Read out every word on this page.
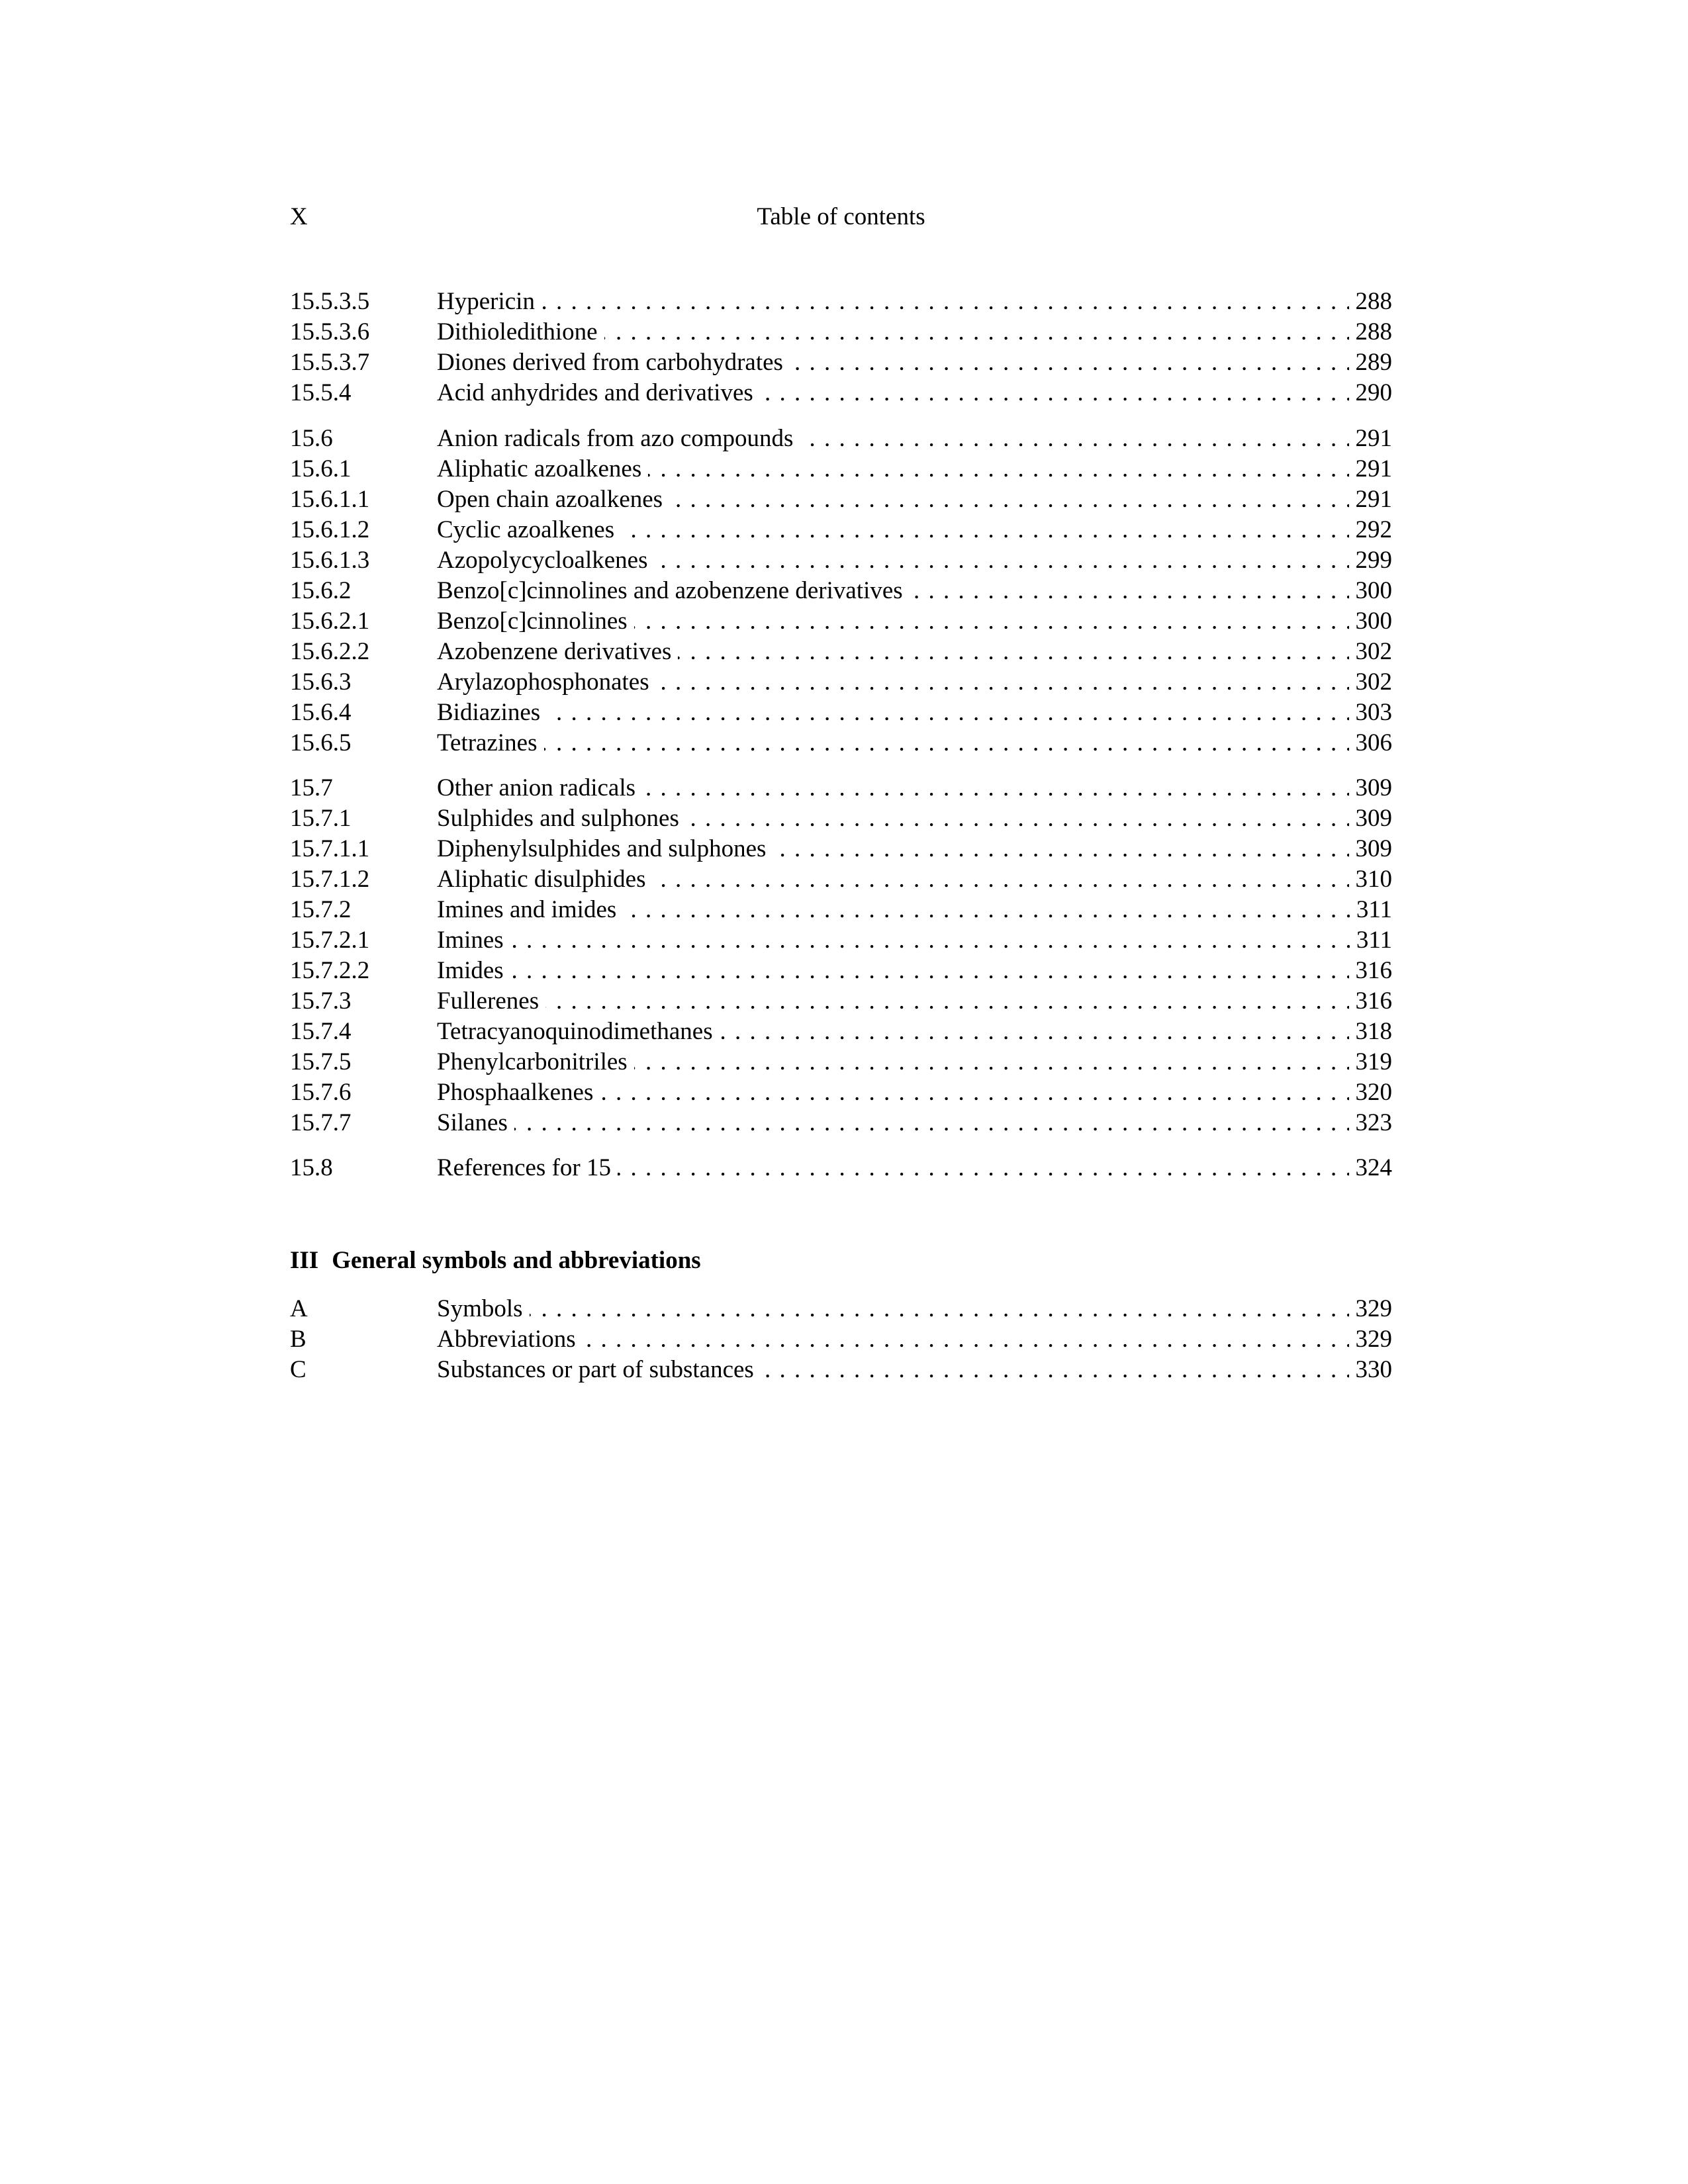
X	Table of contents
15.5.3.5	Hypericin . . .	288
15.5.3.6	Dithioledithione . . .	288
15.5.3.7	Diones derived from carbohydrates . . .	289
15.5.4	Acid anhydrides and derivatives . . .	290
15.6	Anion radicals from azo compounds . . .	291
15.6.1	Aliphatic azoalkenes . . .	291
15.6.1.1	Open chain azoalkenes . . .	291
15.6.1.2	Cyclic azoalkenes . . .	292
15.6.1.3	Azopolycycloalkenes . . .	299
15.6.2	Benzo[c]cinnolines and azobenzene derivatives . . .	300
15.6.2.1	Benzo[c]cinnolines . . .	300
15.6.2.2	Azobenzene derivatives . . .	302
15.6.3	Arylazophosphonates . . .	302
15.6.4	Bidiazines . . .	303
15.6.5	Tetrazines . . .	306
15.7	Other anion radicals . . .	309
15.7.1	Sulphides and sulphones . . .	309
15.7.1.1	Diphenylsulphides and sulphones . . .	309
15.7.1.2	Aliphatic disulphides . . .	310
15.7.2	Imines and imides . . .	311
15.7.2.1	Imines . . .	311
15.7.2.2	Imides . . .	316
15.7.3	Fullerenes . . .	316
15.7.4	Tetracyanoquinodimethanes . . .	318
15.7.5	Phenylcarbonitriles . . .	319
15.7.6	Phosphaalkenes . . .	320
15.7.7	Silanes . . .	323
15.8	References for 15 . . .	324
III General symbols and abbreviations
A	Symbols . . .	329
B	Abbreviations . . .	329
C	Substances or part of substances . . .	330
